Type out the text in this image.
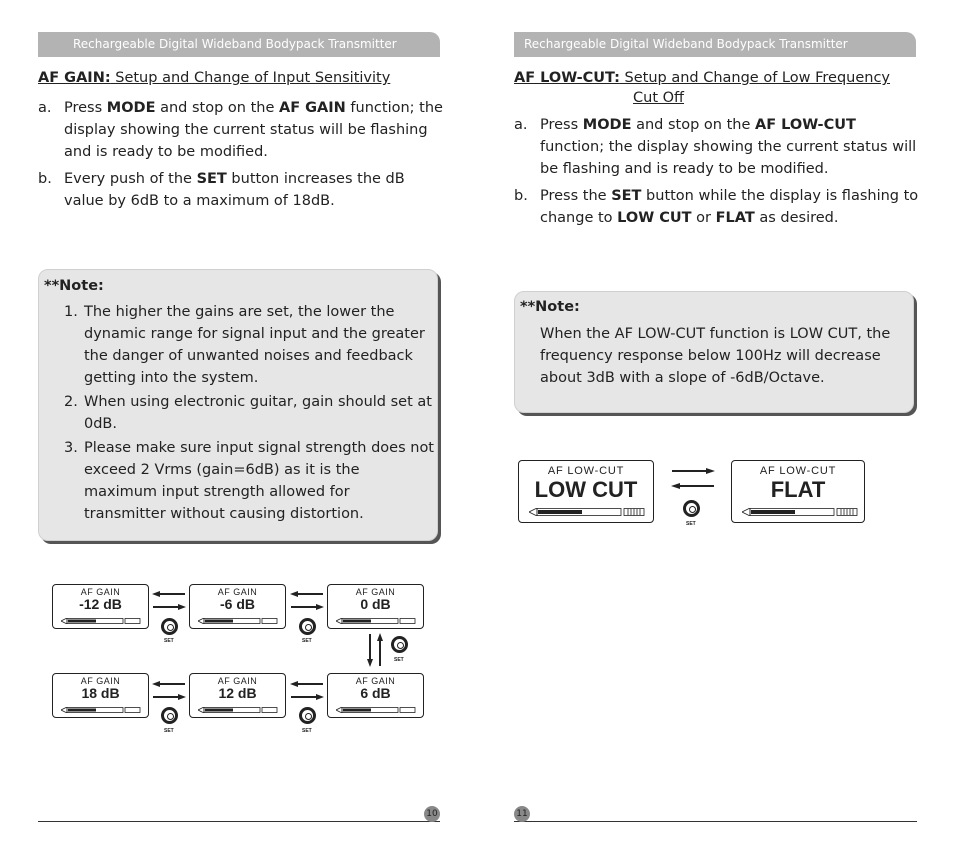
Rechargeable Digital Wideband Bodypack Transmitter
AF GAIN: Setup and Change of Input Sensitivity
a. Press MODE and stop on the AF GAIN function; the display showing the current status will be flashing and is ready to be modified.
b. Every push of the SET button increases the dB value by 6dB to a maximum of 18dB.
**Note:
1. The higher the gains are set, the lower the dynamic range for signal input and the greater the danger of unwanted noises and feedback getting into the system.
2. When using electronic guitar, gain should set at 0dB.
3. Please make sure input signal strength does not exceed 2 Vrms (gain=6dB) as it is the maximum input strength allowed for transmitter without causing distortion.
AF GAIN
-12 dB
AF GAIN
-6 dB
AF GAIN
0 dB
AF GAIN
18 dB
AF GAIN
12 dB
AF GAIN
6 dB
SET	SET
SET
SET	SET
10
Rechargeable Digital Wideband Bodypack Transmitter
AF LOW-CUT: Setup and Change of Low Frequency
Cut Off
a. Press MODE and stop on the AF LOW-CUT function; the display showing the current status will be flashing and is ready to be modified.
b. Press the SET button while the display is flashing to change to LOW CUT or FLAT as desired.
**Note:
When the AF LOW-CUT function is LOW CUT, the frequency response below 100Hz will decrease about 3dB with a slope of -6dB/Octave.
AF LOW-CUT
LOW CUT
AF LOW-CUT
FLAT
SET
11
